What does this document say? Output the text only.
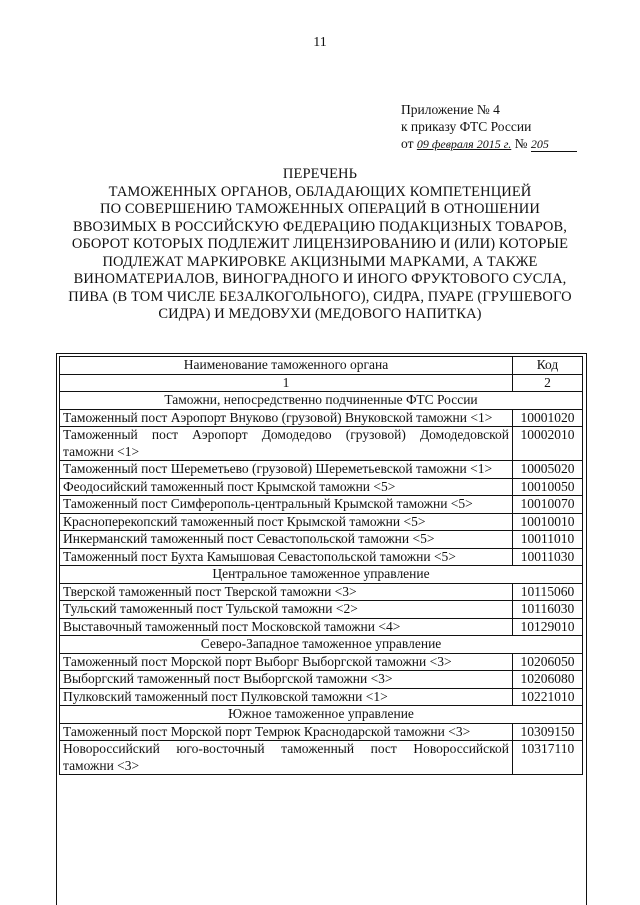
11
Приложение № 4
к приказу ФТС России
от 09 февраля 2015 г. № 205
ПЕРЕЧЕНЬ
ТАМОЖЕННЫХ ОРГАНОВ, ОБЛАДАЮЩИХ КОМПЕТЕНЦИЕЙ
ПО СОВЕРШЕНИЮ ТАМОЖЕННЫХ ОПЕРАЦИЙ В ОТНОШЕНИИ
ВВОЗИМЫХ В РОССИЙСКУЮ ФЕДЕРАЦИЮ ПОДАКЦИЗНЫХ ТОВАРОВ,
ОБОРОТ КОТОРЫХ ПОДЛЕЖИТ ЛИЦЕНЗИРОВАНИЮ И (ИЛИ) КОТОРЫЕ
ПОДЛЕЖАТ МАРКИРОВКЕ АКЦИЗНЫМИ МАРКАМИ, А ТАКЖЕ
ВИНОМАТЕРИАЛОВ, ВИНОГРАДНОГО И ИНОГО ФРУКТОВОГО СУСЛА,
ПИВА (В ТОМ ЧИСЛЕ БЕЗАЛКОГОЛЬНОГО), СИДРА, ПУАРЕ (ГРУШЕВОГО
СИДРА) И МЕДОВУХИ (МЕДОВОГО НАПИТКА)
Наименование таможенного органа	Код
1	2
Таможни, непосредственно подчиненные ФТС России	
Таможенный пост Аэропорт Внуково (грузовой) Внуковской таможни <1>	10001020
Таможенный пост Аэропорт Домодедово (грузовой) Домодедовской таможни <1>	10002010
Таможенный пост Шереметьево (грузовой) Шереметьевской таможни <1>	10005020
Феодосийский таможенный пост Крымской таможни <5>	10010050
Таможенный пост Симферополь-центральный Крымской таможни <5>	10010070
Красноперекопский таможенный пост Крымской таможни <5>	10010010
Инкерманский таможенный пост Севастопольской таможни <5>	10011010
Таможенный пост Бухта Камышовая Севастопольской таможни <5>	10011030
Центральное таможенное управление	
Тверской таможенный пост Тверской таможни <3>	10115060
Тульский таможенный пост Тульской таможни <2>	10116030
Выставочный таможенный пост Московской таможни <4>	10129010
Северо-Западное таможенное управление	
Таможенный пост Морской порт Выборг Выборгской таможни <3>	10206050
Выборгский таможенный пост Выборгской таможни <3>	10206080
Пулковский таможенный пост Пулковской таможни <1>	10221010
Южное таможенное управление	
Таможенный пост Морской порт Темрюк Краснодарской таможни <3>	10309150
Новороссийский юго-восточный таможенный пост Новороссийской таможни <3>	10317110
